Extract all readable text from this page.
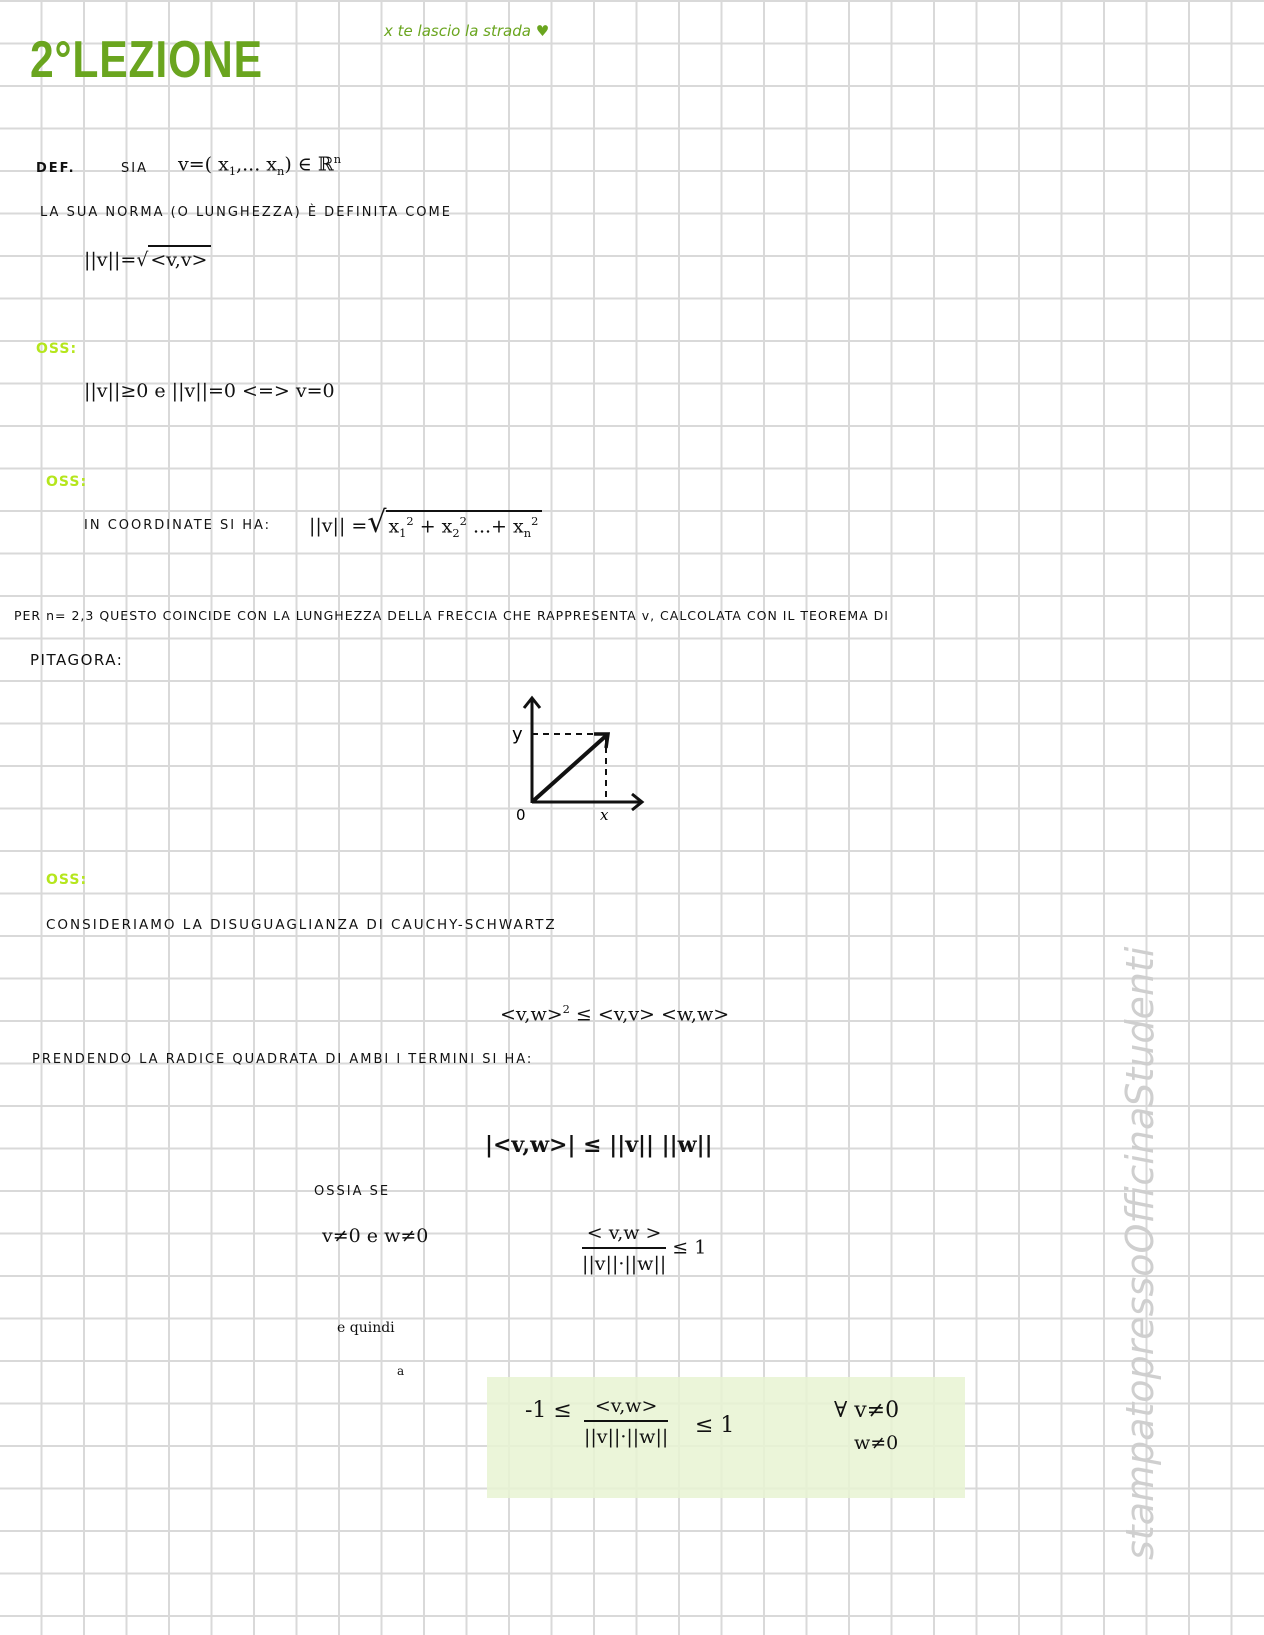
2°LEZIONE	x te lascio la strada ♥
DEF.	SIA v=( $x_1$,... $x_n$) ∈ ℝ$^n$
LA SUA NORMA (O LUNGHEZZA) È DEFINITA COME
||v||=√ <v,v>
OSS:
||v||≥0 e ||v||=0 <=> v=0
OSS:
IN COORDINATE SI HA: ||v|| =√ $x_1^2 + x_2^2$ ...+ $x_n^2$
PER n= 2,3 QUESTO COINCIDE CON LA LUNGHEZZA DELLA FRECCIA CHE RAPPRESENTA v, CALCOLATA CON IL TEOREMA DI
PITAGORA:
y
x
0
OSS:
CONSIDERIAMO LA DISUGUAGLIANZA DI CAUCHY-SCHWARTZ
<v,w>$^2$ ≤ <v,v> <w,w>
PRENDENDO LA RADICE QUADRATA DI AMBI I TERMINI SI HA:
|<v,w>| ≤ ||v|| ||w||
OSSIA SE
v≠0 e w≠0	$\frac{< v,w >}{||v||\cdot||w||} \le 1$
e quindi
a
$-1 \le \frac{<v,w>}{||v||\cdot||w||} \le 1$
∀ v≠0
w≠0	stampatopressoOfficinaStudenti
